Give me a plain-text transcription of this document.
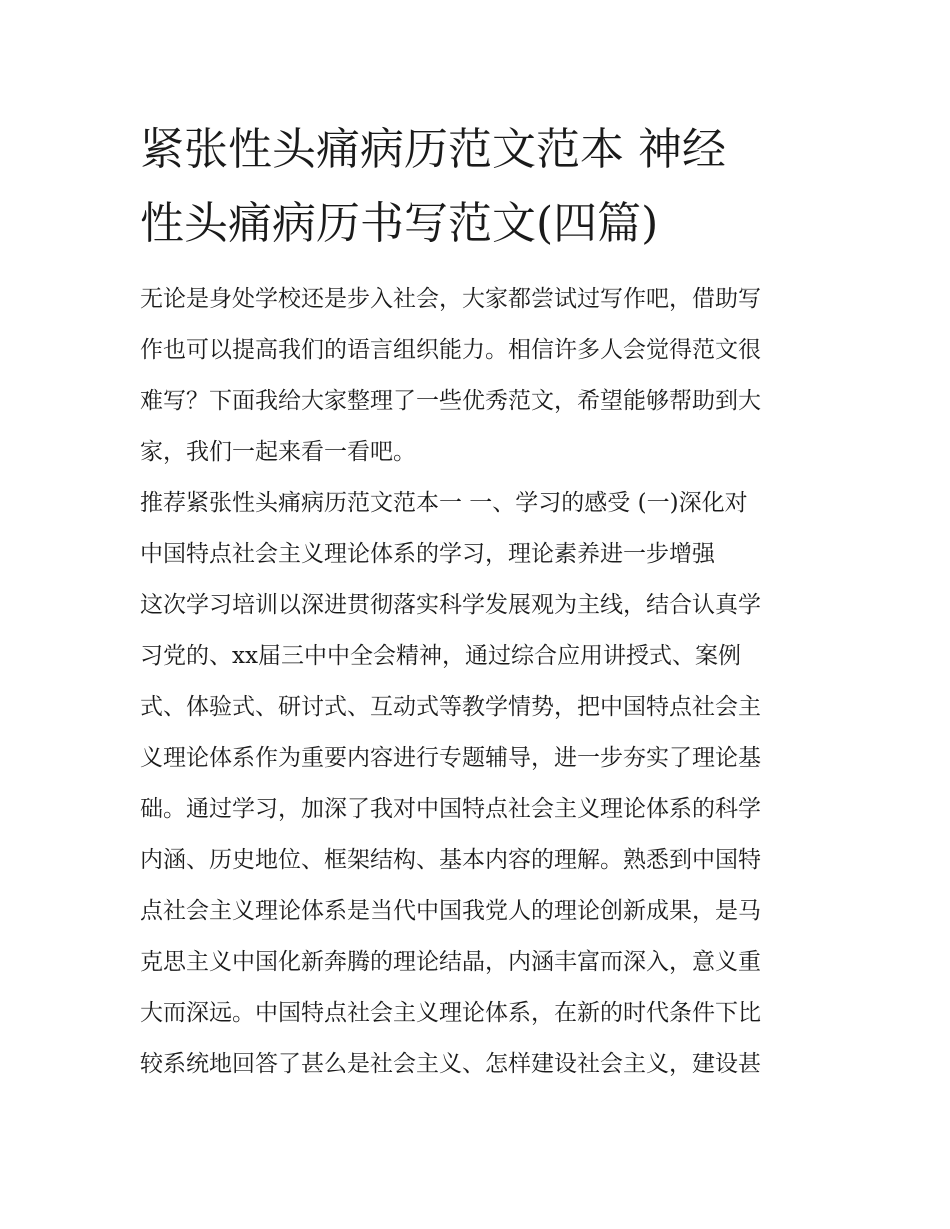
紧张性头痛病历范文范本 神经
性头痛病历书写范文(四篇)

无论是身处学校还是步入社会，大家都尝试过写作吧，借助写
作也可以提高我们的语言组织能力。相信许多人会觉得范文很
难写？下面我给大家整理了一些优秀范文，希望能够帮助到大
家，我们一起来看一看吧。

推荐紧张性头痛病历范文范本一 一、学习的感受 (一)深化对
中国特点社会主义理论体系的学习，理论素养进一步增强

这次学习培训以深进贯彻落实科学发展观为主线，结合认真学
习党的、xx届三中中全会精神，通过综合应用讲授式、案例
式、体验式、研讨式、互动式等教学情势，把中国特点社会主
义理论体系作为重要内容进行专题辅导，进一步夯实了理论基
础。通过学习，加深了我对中国特点社会主义理论体系的科学
内涵、历史地位、框架结构、基本内容的理解。熟悉到中国特
点社会主义理论体系是当代中国我党人的理论创新成果，是马
克思主义中国化新奔腾的理论结晶，内涵丰富而深入，意义重
大而深远。中国特点社会主义理论体系，在新的时代条件下比
较系统地回答了甚么是社会主义、怎样建设社会主义，建设甚
